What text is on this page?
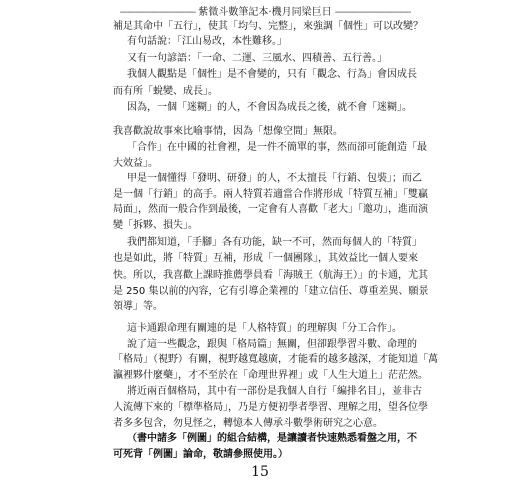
----------------------------- 紫微斗數筆記本‧機月同梁巨日 -----------------------------
補足其命中「五行」，使其「均勻、完整」，來強調「個性」可以改變？
有句話說：「江山易改，本性難移。」
又有一句諺語：「一命、二運、三風水、四積善、五行善。」
我個人觀點是「個性」是不會變的，只有「觀念、行為」會因成長
而有所「蛻變、成長」。
因為，一個「迷糊」的人，不會因為成長之後，就不會「迷糊」。
我喜歡說故事來比喻事情，因為「想像空間」無限。
「合作」在中國的社會裡，是一件不簡單的事，然而卻可能創造「最
大效益」。
甲是一個懂得「發明、研發」的人，不太擅長「行銷、包裝」；而乙
是一個「行銷」的高手。兩人特質若適當合作將形成「特質互補」「雙贏
局面」，然而一般合作到最後，一定會有人喜歡「老大」「邀功」，進而演
變「拆夥、損失」。
我們都知道，「手腳」各有功能，缺一不可，然而每個人的「特質」
也是如此，將「特質」互補，形成「一個團隊」，其效益比一個人要來
快。所以，我喜歡上課時推薦學員看「海賊王（航海王）」的卡通，尤其
是 250 集以前的內容，它有引導企業裡的「建立信任、尊重差異、願景
領導」等。
這卡通跟命理有關連的是「人格特質」的理解與「分工合作」。
說了這一些觀念，跟與「格局篇」無關，但卻跟學習斗數、命理的
「格局」（視野）有關，視野越寬越廣，才能看的越多越深，才能知道「萬
瀛裡夥什麼藥」，才不至於在「命理世界裡」或「人生大道上」茫茫然。
將近兩百個格局，其中有一部份是我個人自行「編排名目」，並非古
人流傳下來的「標準格局」，乃是方便初學者學習、理解之用，望各位學
者多多包含，勿見怪之，轉憶本人傳承斗數學術研究之心意。
（書中諸多「例圖」的組合結構，是讓讀者快速熟悉看盤之用，不
可死背「例圖」論命，敬請參照使用。）
15
